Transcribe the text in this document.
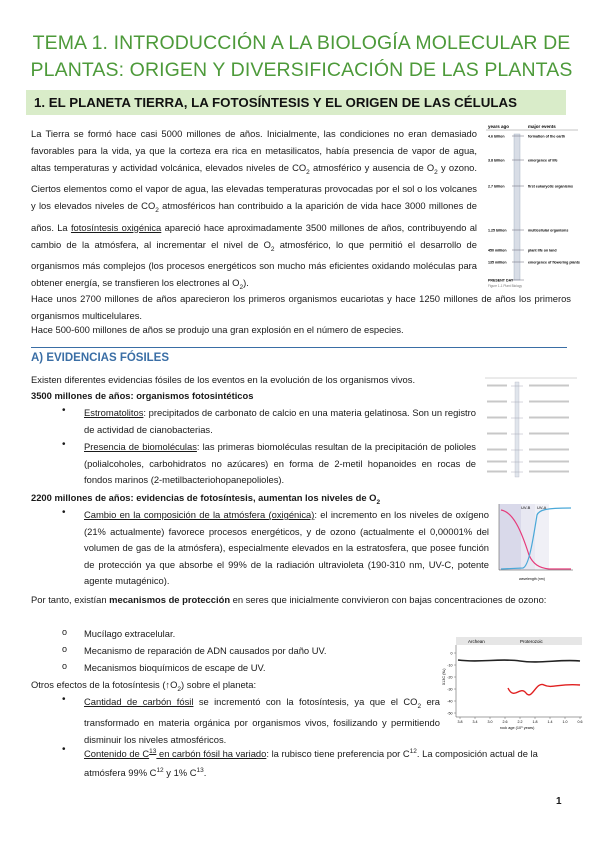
TEMA 1. INTRODUCCIÓN A LA BIOLOGÍA MOLECULAR DE
PLANTAS: ORIGEN Y DIVERSIFICACIÓN DE LAS PLANTAS
1. EL PLANETA TIERRA, LA FOTOSÍNTESIS Y EL ORIGEN DE LAS CÉLULAS
La Tierra se formó hace casi 5000 millones de años. Inicialmente, las condiciones no eran demasiado favorables para la vida, ya que la corteza era rica en metasilicatos, había presencia de vapor de agua, altas temperaturas y actividad volcánica, elevados niveles de $CO_2$ atmosférico y ausencia de $O_2$ y ozono. Ciertos elementos como el vapor de agua, las elevadas temperaturas provocadas por el sol o los volcanes y los elevados niveles de $CO_2$ atmosféricos han contribuido a la aparición de vida hace 3000 millones de años. La fotosíntesis oxigénica apareció hace aproximadamente 3500 millones de años, contribuyendo al cambio de la atmósfera, al incrementar el nivel de $O_2$ atmosférico, lo que permitió el desarrollo de organismos más complejos (los procesos energéticos son mucho más eficientes oxidando moléculas para obtener energía, se transfieren los electrones al $O_2$).
Hace unos 2700 millones de años aparecieron los primeros organismos eucariotas y hace 1250 millones de años los primeros organismos multicelulares.
Hace 500-600 millones de años se produjo una gran explosión en el número de especies.
A) EVIDENCIAS FÓSILES
Existen diferentes evidencias fósiles de los eventos en la evolución de los organismos vivos.
3500 millones de años: organismos fotosintéticos
• Estromatolitos: precipitados de carbonato de calcio en una materia gelatinosa. Son un registro de actividad de cianobacterias.
• Presencia de biomoléculas: las primeras biomoléculas resultan de la precipitación de polioles (polialcoholes, carbohidratos no azúcares) en forma de 2-metil hopanoides en rocas de fondos marinos (2-metilbacteriohopanepolioles).
2200 millones de años: evidencias de fotosíntesis, aumentan los niveles de $O_2$
• Cambio en la composición de la atmósfera (oxigénica): el incremento en los niveles de oxígeno (21% actualmente) favorece procesos energéticos, y de ozono (actualmente el 0,00001% del volumen de gas de la atmósfera), especialmente elevados en la estratosfera, que posee función de protección ya que absorbe el 99% de la radiación ultravioleta (190-310 nm, UV-C, potente agente mutagénico).
Por tanto, existían mecanismos de protección en seres que inicialmente convivieron con bajas concentraciones de ozono:
o Mucílago extracelular.
o Mecanismo de reparación de ADN causados por daño UV.
o Mecanismos bioquímicos de escape de UV.
Otros efectos de la fotosíntesis $(↑O_2)$ sobre el planeta:
• Cantidad de carbón fósil se incrementó con la fotosíntesis, ya que el $CO_2$ era transformado en materia orgánica por organismos vivos, fosilizando y permitiendo disminuir los niveles atmosféricos.
• Contenido de $C^{13}$ en carbón fósil ha variado: la rubisco tiene preferencia por $C^{12}$. La composición actual de la atmósfera 99% $C^{12}$ y 1% $C^{13}$.
years ago	major events
4.6 billion	formation of the earth
3.8 billion	emergence of life
2.7 billion	first eukaryotic organisms
1.25 billion	multicellular organisms
450 million	plant life on land
135 million	emergence of flowering plants
PRESENT DAY
Figure 1-1 Plant Biology
UV-B UV-A
wavelength (nm)
Archean	Proterozoic
0
-10
-20
-30
-40
-50
3.8	3.4	3.0	2.6	2.2	1.8	1.4	1.0	0.6
δ13C (‰)
rock age (10⁹ years)
1
